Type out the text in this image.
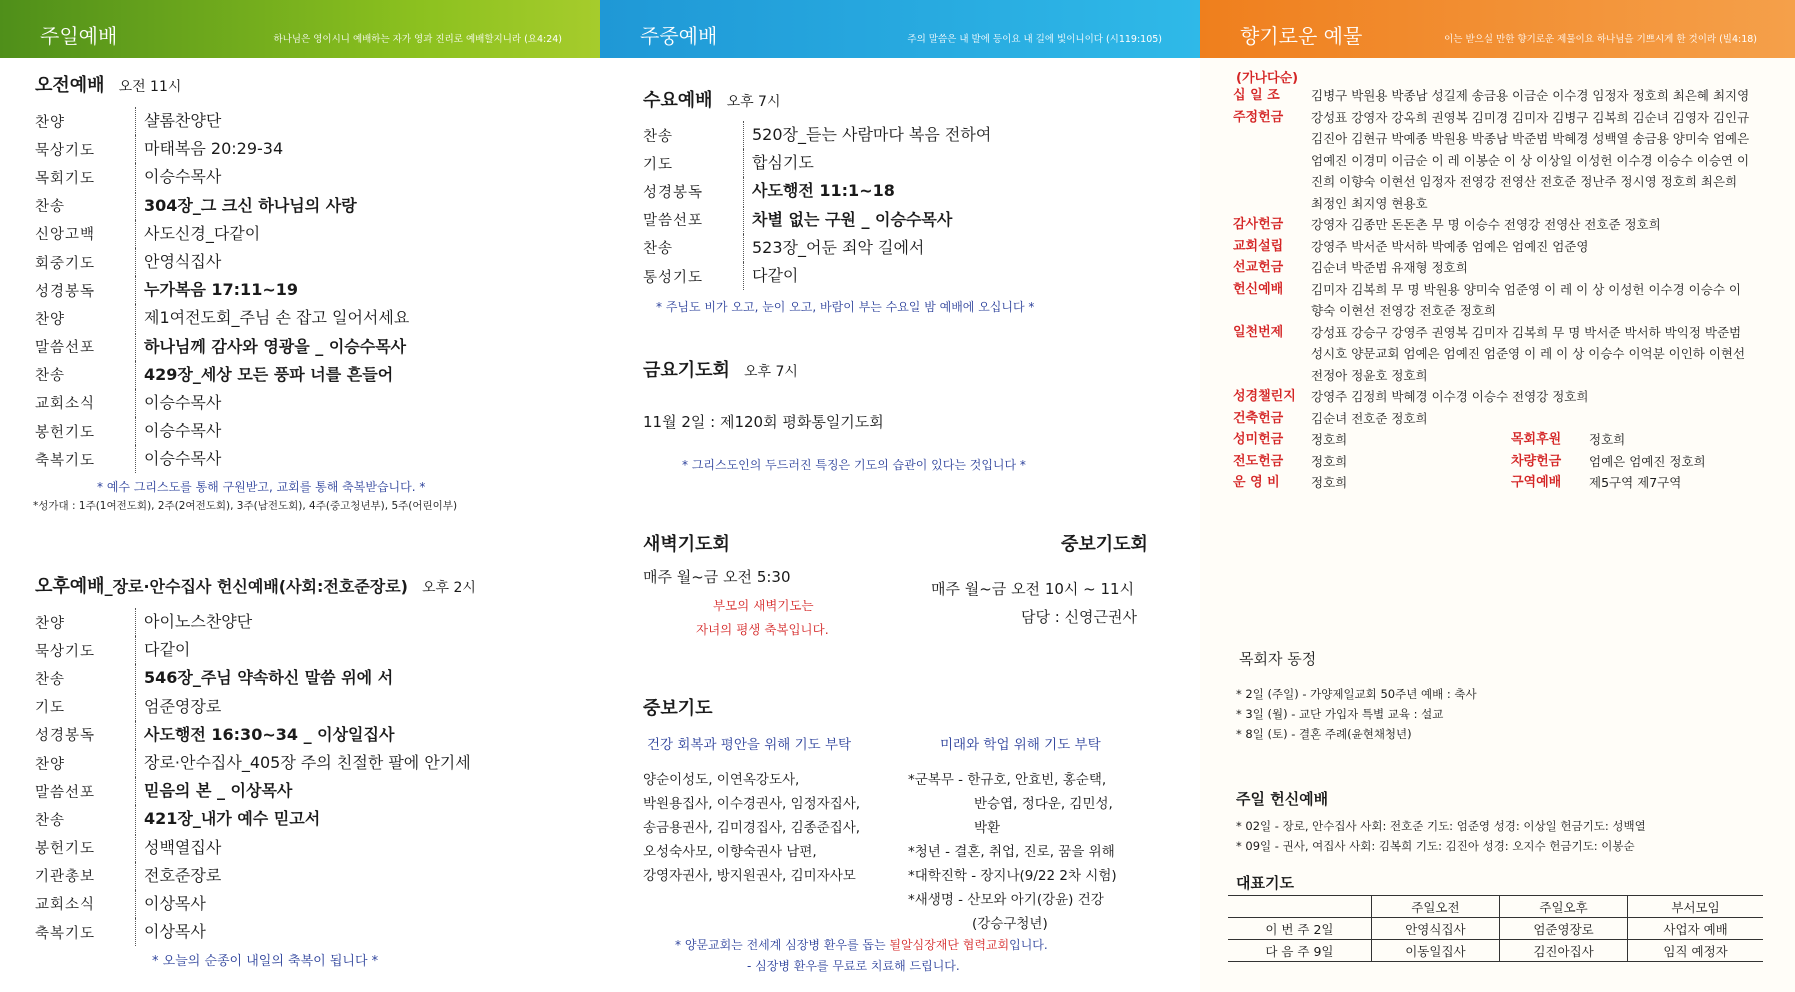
주일예배	하나님은 영이시니 예배하는 자가 영과 진리로 예배할지니라 (요4:24)
오전예배 오전 11시
찬양	샬롬찬양단
묵상기도	마태복음 20:29-34
목회기도	이승수목사
찬송	304장_그 크신 하나님의 사랑
신앙고백	사도신경_다같이
회중기도	안영식집사
성경봉독	누가복음 17:11~19
찬양	제1여전도회_주님 손 잡고 일어서세요
말씀선포	하나님께 감사와 영광을 _ 이승수목사
찬송	429장_세상 모든 풍파 너를 흔들어
교회소식	이승수목사
봉헌기도	이승수목사
축복기도	이승수목사
* 예수 그리스도를 통해 구원받고, 교회를 통해 축복받습니다. *
*성가대 : 1주(1여전도회), 2주(2여전도회), 3주(남전도회), 4주(중고청년부), 5주(어린이부)
오후예배_장로·안수집사 헌신예배(사회:전호준장로) 오후 2시
찬양	아이노스찬양단
묵상기도	다같이
찬송	546장_주님 약속하신 말씀 위에 서
기도	엄준영장로
성경봉독	사도행전 16:30~34 _ 이상일집사
찬양	장로·안수집사_405장 주의 친절한 팔에 안기세
말씀선포	믿음의 본 _ 이상목사
찬송	421장_내가 예수 믿고서
봉헌기도	성백열집사
기관총보	전호준장로
교회소식	이상목사
축복기도	이상목사
* 오늘의 순종이 내일의 축복이 됩니다 *
주중예배	주의 말씀은 내 발에 등이요 내 길에 빛이니이다 (시119:105)
수요예배 오후 7시
찬송	520장_듣는 사람마다 복음 전하여
기도	합심기도
성경봉독	사도행전 11:1~18
말씀선포	차별 없는 구원 _ 이승수목사
찬송	523장_어둔 죄악 길에서
통성기도	다같이
* 주님도 비가 오고, 눈이 오고, 바람이 부는 수요일 밤 예배에 오십니다 *
금요기도회 오후 7시
11월 2일 : 제120회 평화통일기도회
* 그리스도인의 두드러진 특징은 기도의 습관이 있다는 것입니다 *
새벽기도회
매주 월~금 오전 5:30
부모의 새벽기도는
자녀의 평생 축복입니다.
중보기도회
매주 월~금 오전 10시 ~ 11시
담당 : 신영근권사
중보기도
건강 회복과 평안을 위해 기도 부탁	미래와 학업 위해 기도 부탁
양순이성도, 이연옥강도사,
박원용집사, 이수경권사, 임정자집사,
송금용권사, 김미경집사, 김종준집사,
오성숙사모, 이향숙권사 남편,
강영자권사, 방지원권사, 김미자사모
*군복무 - 한규호, 안효빈, 홍순택,
반승엽, 정다운, 김민성,
박환
*청년 - 결혼, 취업, 진로, 꿈을 위해
*대학진학 - 장지나(9/22 2차 시험)
*새생명 - 산모와 아기(강윤) 건강
(강승구청년)
* 양문교회는 전세계 심장병 환우를 돕는 될알심장재단 협력교회입니다.
- 심장병 환우를 무료로 치료해 드립니다.
향기로운 예물	이는 받으실 만한 향기로운 제물이요 하나님을 기쁘시게 한 것이라 (빌4:18)
(가나다순)
목회자 동정
* 2일 (주일) - 가양제일교회 50주년 예배 : 축사
* 3일 (월) - 교단 가입자 특별 교육 : 설교
* 8일 (토) - 결혼 주례(윤현채청년)
주일 헌신예배
* 02일 - 장로, 안수집사 사회: 전호준 기도: 엄준영 성경: 이상일 헌금기도: 성백열
* 09일 - 권사, 여집사 사회: 김복희 기도: 김진아 성경: 오지수 헌금기도: 이봉순
대표기도
십 일 조	김병구 박원용 박종남 성길제 송금용 이금순 이수경 임정자 정호희 최은혜 최지영
주정헌금	강성표 강영자 강옥희 권영복 김미경 김미자 김병구 김복희 김순녀 김영자 김인규 김진아 김현규 박예종 박원용 박종남 박준범 박혜경 성백열 송금용 양미숙 엄예은 엄예진 이경미 이금순 이 레 이봉순 이 상 이상일 이성헌 이수경 이승수 이승연 이진희 이향숙 이현선 임정자 전영강 전영산 전호준 정난주 정시영 정호희 최은희 최정인 최지영 현용호
감사헌금	강영자 김종만 돈돈촌 무 명 이승수 전영강 전영산 전호준 정호희
교회설립	강영주 박서준 박서하 박예종 엄예은 엄예진 엄준영
선교헌금	김순녀 박준범 유재형 정호희
헌신예배	김미자 김복희 무 명 박원용 양미숙 엄준영 이 레 이 상 이성헌 이수경 이승수 이향숙 이현선 전영강 전호준 정호희
일천번제	강성표 강승구 강영주 권영복 김미자 김복희 무 명 박서준 박서하 박익정 박준범 성시호 양문교회 엄예은 엄예진 엄준영 이 레 이 상 이승수 이억분 이인하 이현선 전정아 정윤호 정호희
성경챌린지	강영주 김정희 박혜경 이수경 이승수 전영강 정호희
건축헌금	김순녀 전호준 정호희
성미헌금	정호희	목회후원	정호희
전도헌금	정호희	차량헌금	엄예은 엄예진 정호희
운 영 비	정호희	구역예배	제5구역 제7구역
	주일오전	주일오후	부서모임
이 번 주 2일	안영식집사	엄준영장로	사업자 예배
다 음 주 9일	이동일집사	김진아집사	임직 예정자
